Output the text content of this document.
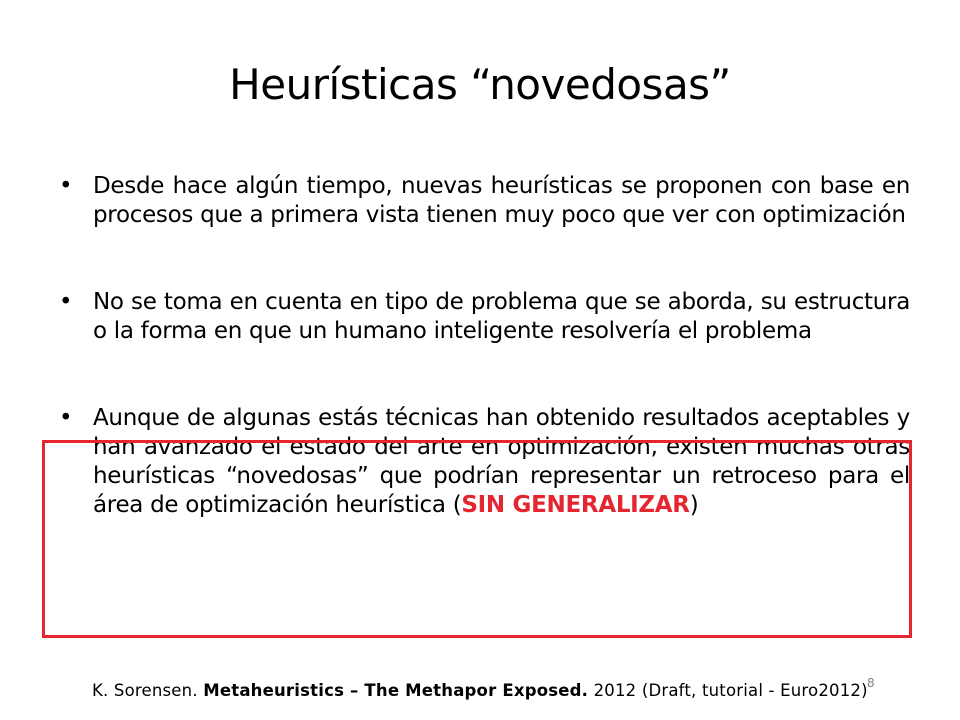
Heurísticas “novedosas”
• Desde hace algún tiempo, nuevas heurísticas se proponen con base en procesos que a primera vista tienen muy poco que ver con optimización
• No se toma en cuenta en tipo de problema que se aborda, su estructura o la forma en que un humano inteligente resolvería el problema
• Aunque de algunas estás técnicas han obtenido resultados aceptables y han avanzado el estado del arte en optimización, existen muchas otras heurísticas “novedosas” que podrían representar un retroceso para el área de optimización heurística (SIN GENERALIZAR)
K. Sorensen. Metaheuristics – The Methapor Exposed. 2012 (Draft, tutorial - Euro2012) 8
